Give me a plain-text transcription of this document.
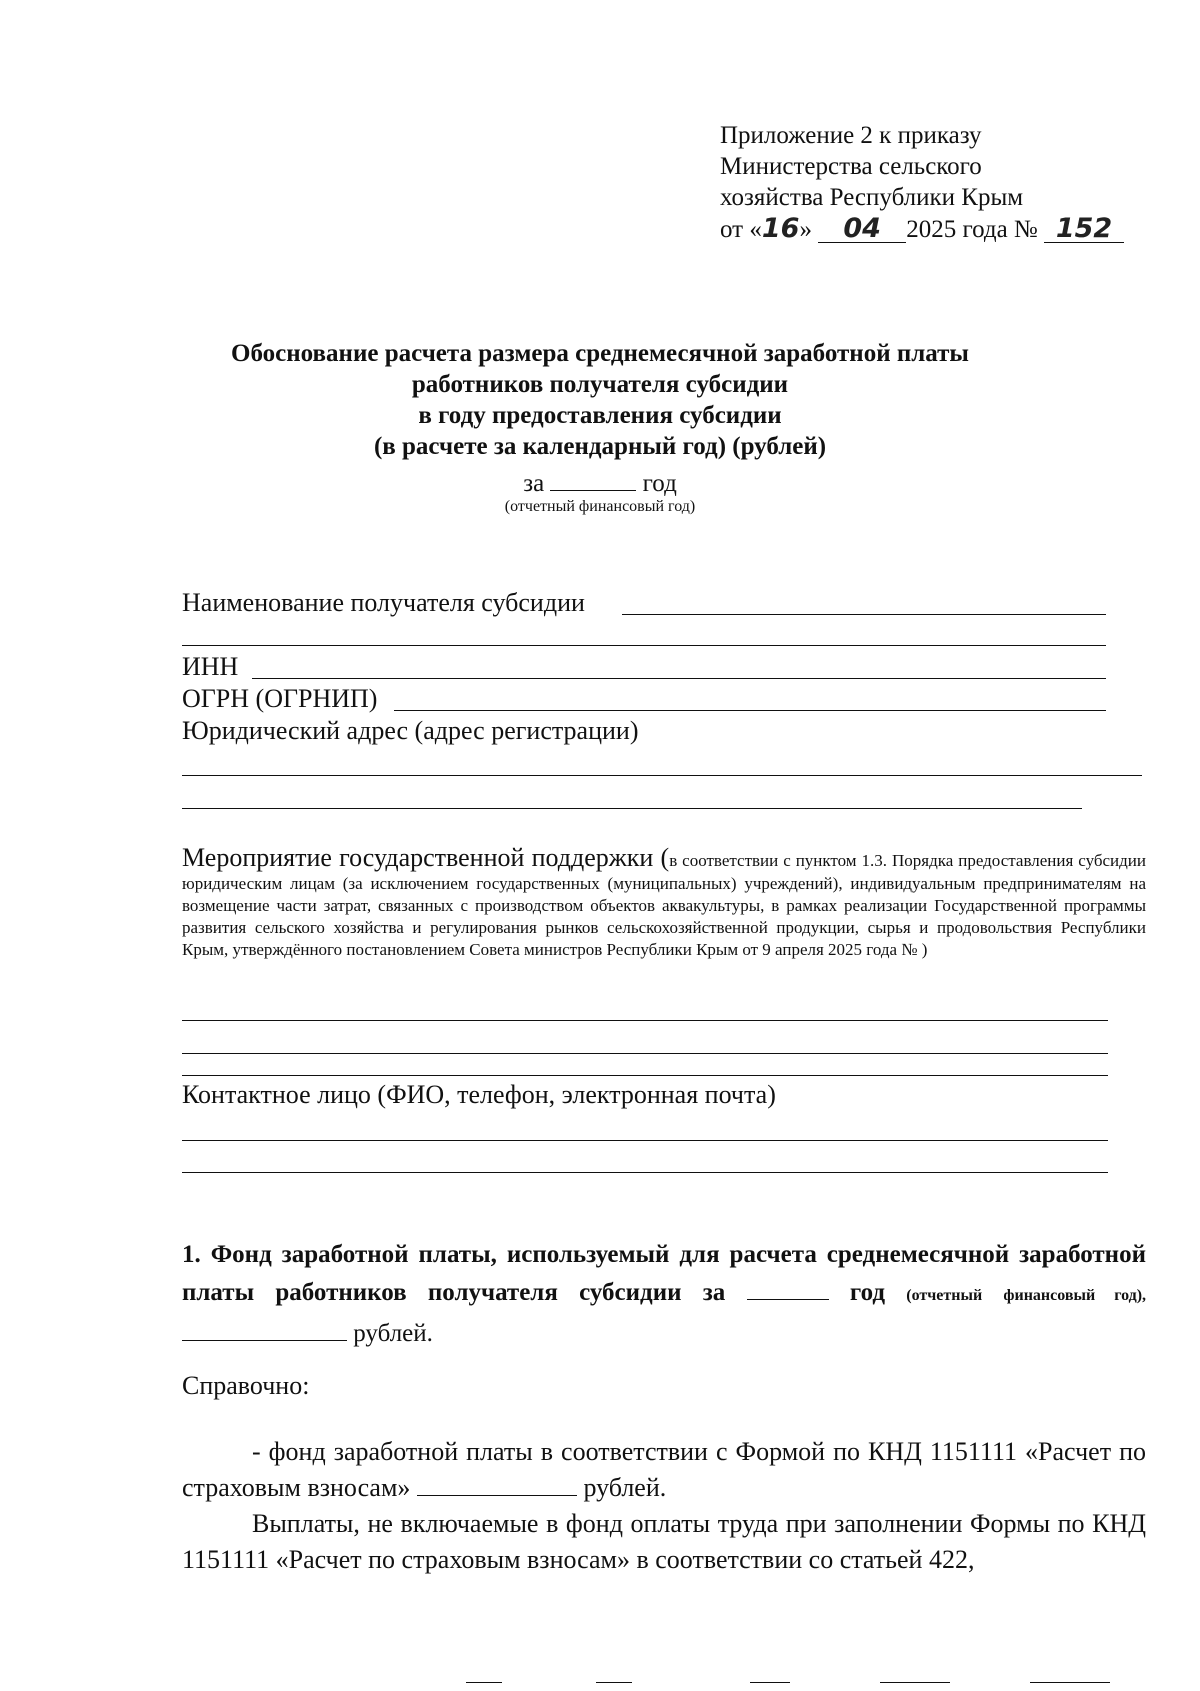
Приложение 2 к приказу
Министерства сельского
хозяйства Республики Крым
от «16» 04 2025 года № 152
Обоснование расчета размера среднемесячной заработной платы
работников получателя субсидии
в году предоставления субсидии
(в расчете за календарный год) (рублей)
за	год
(отчетный финансовый год)
Наименование получателя субсидии
ИНН
ОГРН (ОГРНИП)
Юридический адрес (адрес регистрации)
Мероприятие государственной поддержки (в соответствии с пунктом 1.3. Порядка предоставления субсидии юридическим лицам (за исключением государственных (муниципальных) учреждений), индивидуальным предпринимателям на возмещение части затрат, связанных с производством объектов аквакультуры, в рамках реализации Государственной программы развития сельского хозяйства и регулирования рынков сельскохозяйственной продукции, сырья и продовольствия Республики Крым, утверждённого постановлением Совета министров Республики Крым от 9 апреля 2025 года № )
Контактное лицо (ФИО, телефон, электронная почта)
1. Фонд заработной платы, используемый для расчета среднемесячной заработной платы работников получателя субсидии за	год (отчетный финансовый год),  рублей.
Справочно:
- фонд заработной платы в соответствии с Формой по КНД 1151111 «Расчет по страховым взносам»	рублей.
Выплаты, не включаемые в фонд оплаты труда при заполнении Формы по КНД 1151111 «Расчет по страховым взносам» в соответствии со статьей 422,
